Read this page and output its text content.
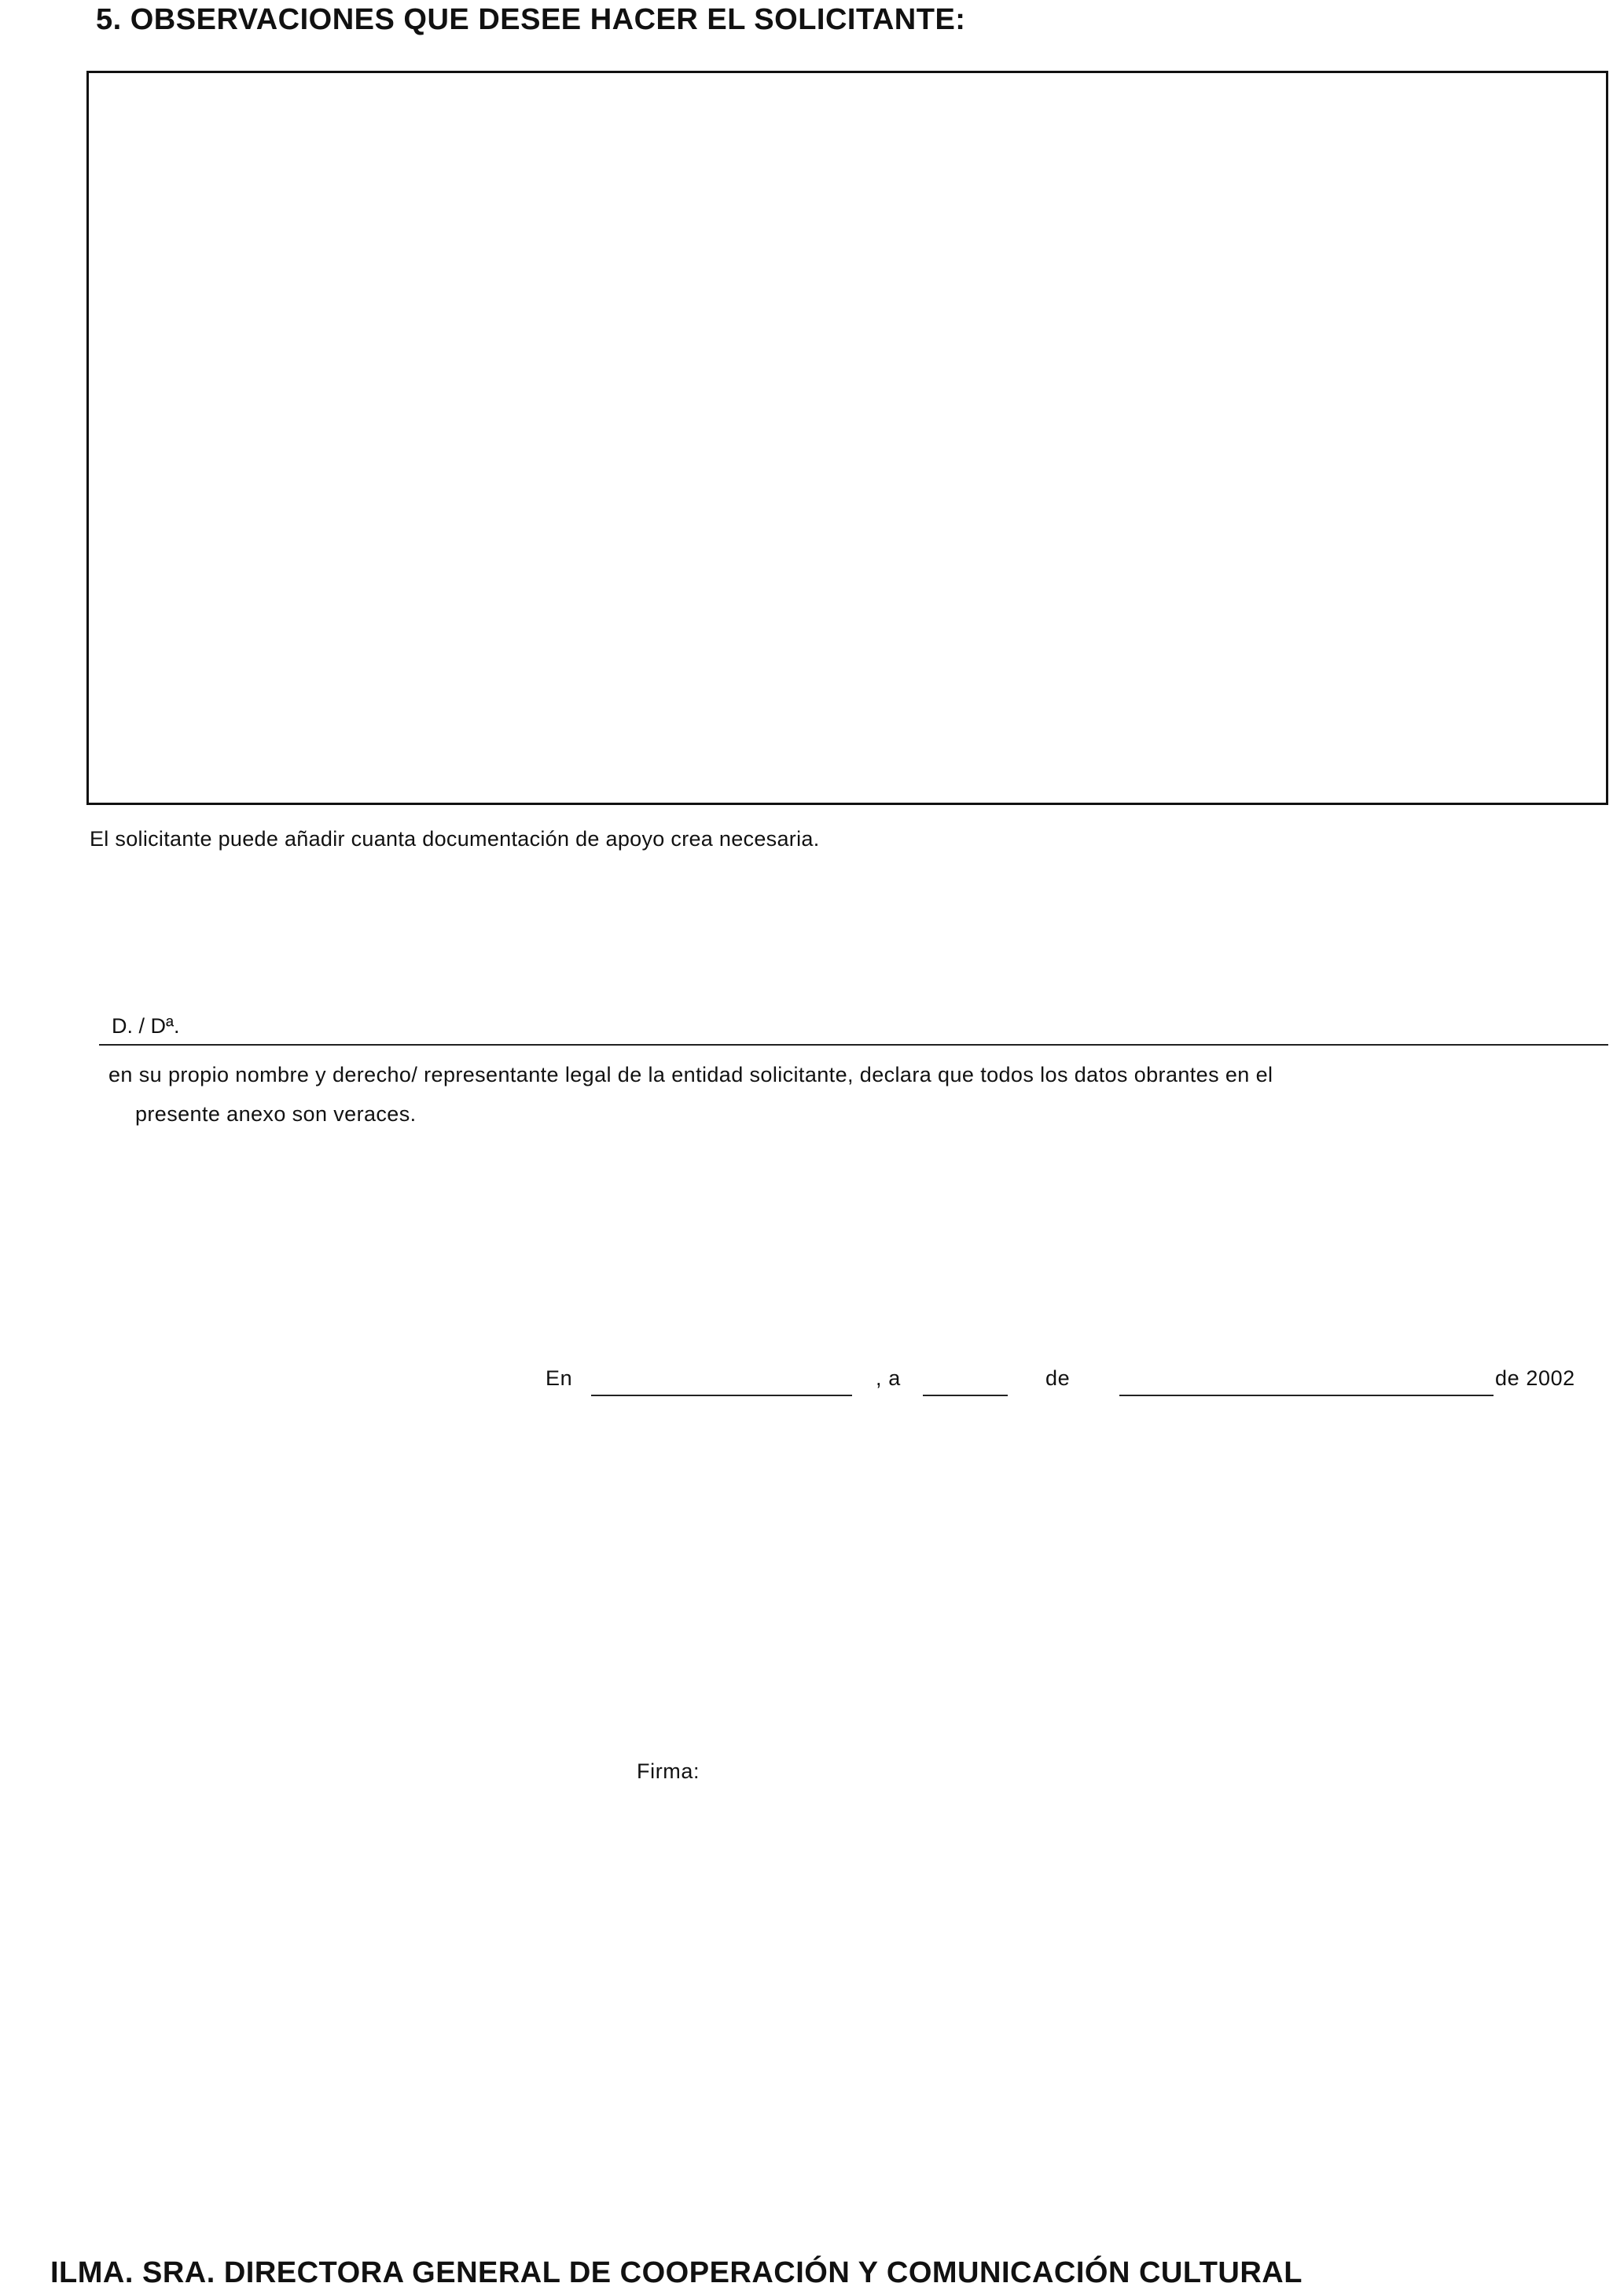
5. OBSERVACIONES QUE DESEE HACER EL SOLICITANTE:
El solicitante puede añadir cuanta documentación de apoyo crea necesaria.
D. / Dª.
en su propio nombre y derecho/ representante legal de la entidad solicitante, declara que todos los datos obrantes en el
presente anexo son veraces.
En	, a	de	de 2002
Firma:
ILMA. SRA. DIRECTORA GENERAL DE COOPERACIÓN Y COMUNICACIÓN CULTURAL
